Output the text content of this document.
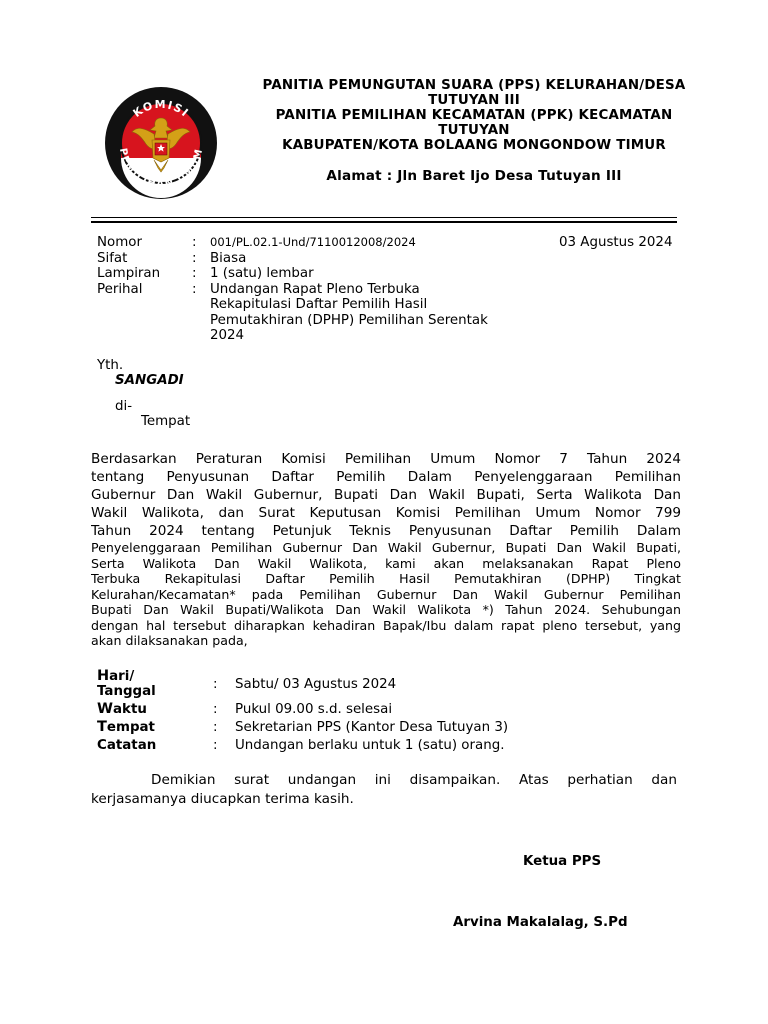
KOMISI
PEMILIHAN UMUM
PANITIA PEMUNGUTAN SUARA (PPS) KELURAHAN/DESA
TUTUYAN III
PANITIA PEMILIHAN KECAMATAN (PPK) KECAMATAN
TUTUYAN
KABUPATEN/KOTA BOLAANG MONGONDOW TIMUR
Alamat : Jln Baret Ijo Desa Tutuyan III
Nomor	:	001/PL.02.1-Und/7110012008/2024
Sifat	:	Biasa
Lampiran	:	1 (satu) lembar
Perihal	:	Undangan Rapat Pleno Terbuka
Rekapitulasi Daftar Pemilih Hasil
Pemutakhiran (DPHP) Pemilihan Serentak
2024
03 Agustus 2024
Yth.
SANGADI
di-
Tempat
Berdasarkan Peraturan Komisi Pemilihan Umum Nomor 7 Tahun 2024
tentang Penyusunan Daftar Pemilih Dalam Penyelenggaraan Pemilihan
Gubernur Dan Wakil Gubernur, Bupati Dan Wakil Bupati, Serta Walikota Dan
Wakil Walikota, dan Surat Keputusan Komisi Pemilihan Umum Nomor 799
Tahun 2024 tentang Petunjuk Teknis Penyusunan Daftar Pemilih Dalam
Penyelenggaraan Pemilihan Gubernur Dan Wakil Gubernur, Bupati Dan Wakil Bupati,
Serta Walikota Dan Wakil Walikota, kami akan melaksanakan Rapat Pleno
Terbuka Rekapitulasi Daftar Pemilih Hasil Pemutakhiran (DPHP) Tingkat
Kelurahan/Kecamatan* pada Pemilihan Gubernur Dan Wakil Gubernur Pemilihan
Bupati Dan Wakil Bupati/Walikota Dan Wakil Walikota *) Tahun 2024. Sehubungan
dengan hal tersebut diharapkan kehadiran Bapak/Ibu dalam rapat pleno tersebut, yang
akan dilaksanakan pada,
Hari/
Tanggal	:	Sabtu/ 03 Agustus 2024
Waktu	:	Pukul 09.00 s.d. selesai
Tempat	:	Sekretarian PPS (Kantor Desa Tutuyan 3)
Catatan	:	Undangan berlaku untuk 1 (satu) orang.
Demikian surat undangan ini disampaikan. Atas perhatian dan
kerjasamanya diucapkan terima kasih.
Ketua PPS
Arvina Makalalag, S.Pd
